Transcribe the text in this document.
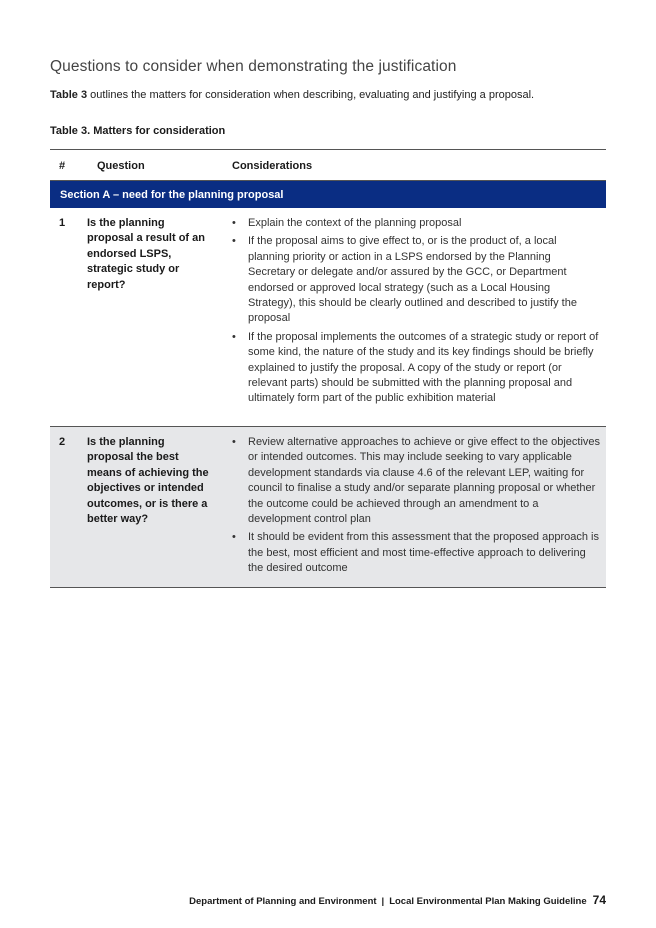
Questions to consider when demonstrating the justification

Table 3 outlines the matters for consideration when describing, evaluating and justifying a proposal.

Table 3. Matters for consideration

#	Question	Considerations
Section A – need for the planning proposal
1 Is the planning proposal a result of an endorsed LSPS, strategic study or report?
• Explain the context of the planning proposal
• If the proposal aims to give effect to, or is the product of, a local planning priority or action in a LSPS endorsed by the Planning Secretary or delegate and/or assured by the GCC, or Department endorsed or approved local strategy (such as a Local Housing Strategy), this should be clearly outlined and described to justify the proposal
• If the proposal implements the outcomes of a strategic study or report of some kind, the nature of the study and its key findings should be briefly explained to justify the proposal. A copy of the study or report (or relevant parts) should be submitted with the planning proposal and ultimately form part of the public exhibition material
2 Is the planning proposal the best means of achieving the objectives or intended outcomes, or is there a better way?
• Review alternative approaches to achieve or give effect to the objectives or intended outcomes. This may include seeking to vary applicable development standards via clause 4.6 of the relevant LEP, waiting for council to finalise a study and/or separate planning proposal or whether the outcome could be achieved through an amendment to a development control plan
• It should be evident from this assessment that the proposed approach is the best, most efficient and most time-effective approach to delivering the desired outcome
Department of Planning and Environment | Local Environmental Plan Making Guideline 74
